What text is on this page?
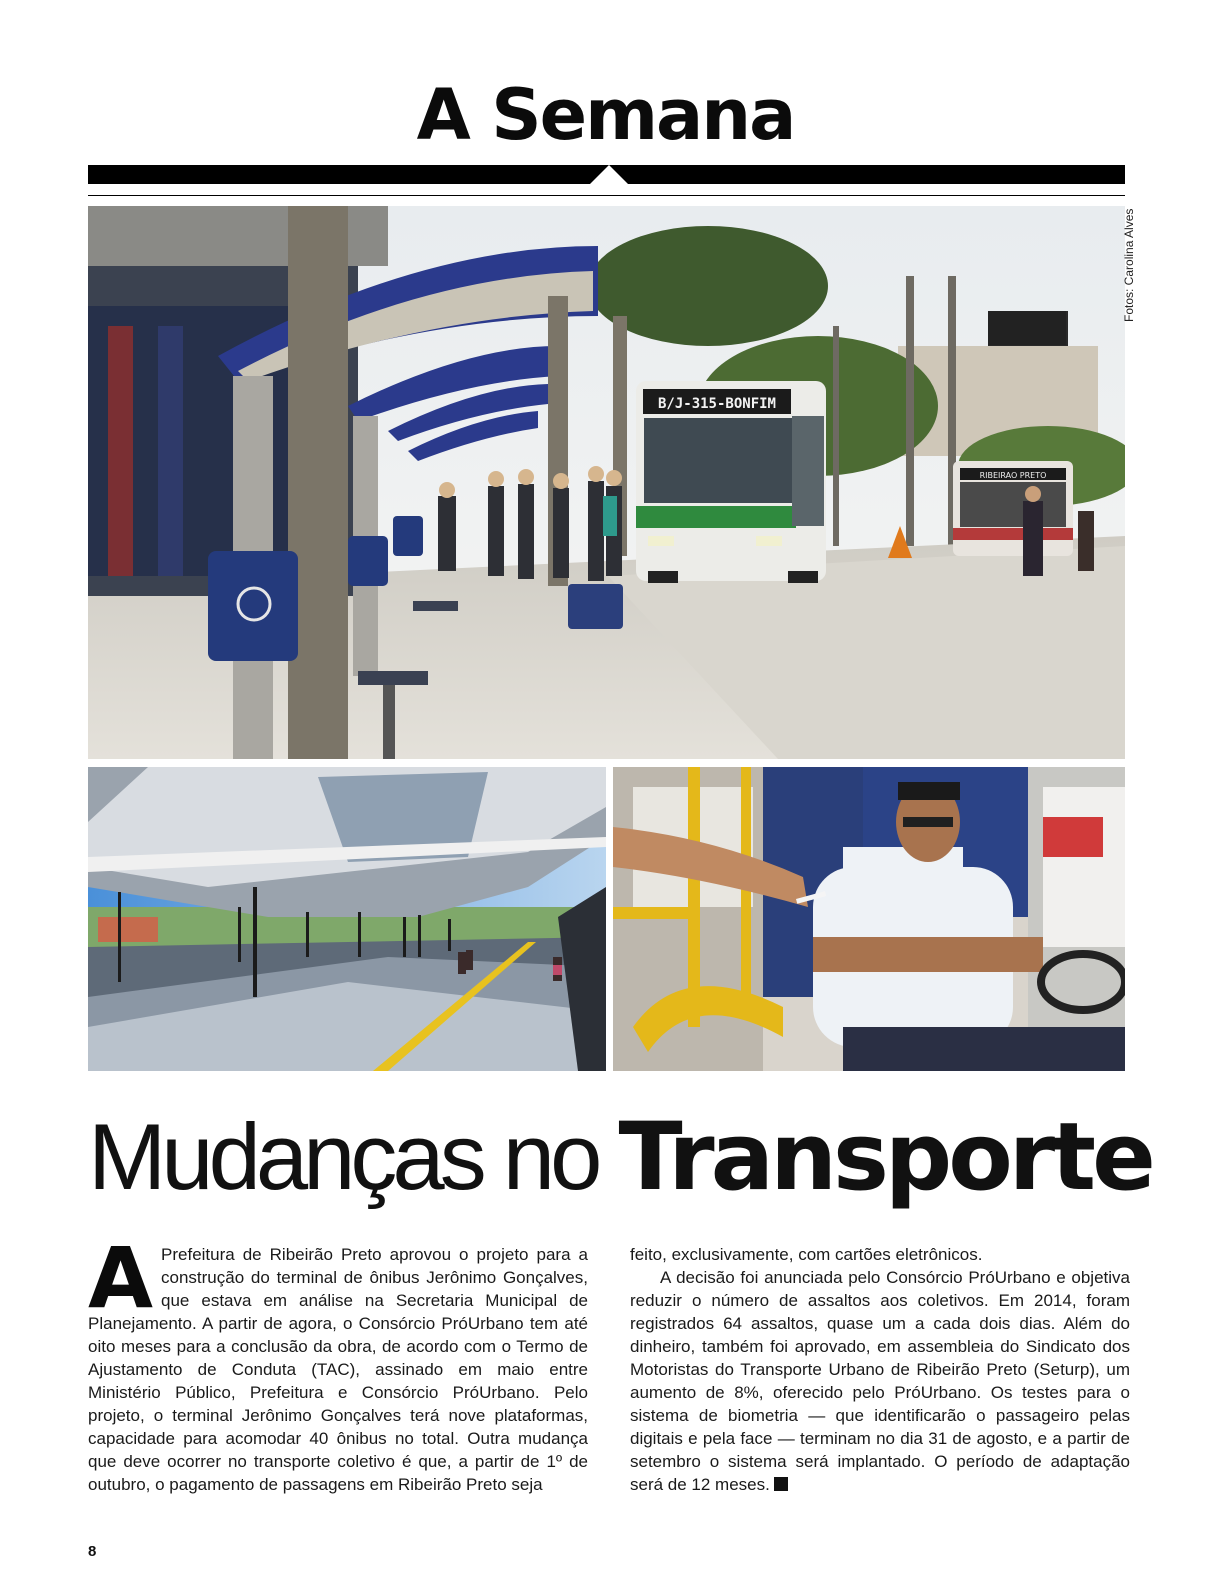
A Semana
B/J-315-BONFIM
RIBEIRAO PRETO
Fotos: Carolina Alves
Mudanças no Transporte

A Prefeitura de Ribeirão Preto aprovou o projeto para a construção do terminal de ônibus Jerônimo Gonçalves, que estava em análise na Secretaria Municipal de Planejamento. A partir de agora, o Consórcio PróUrbano tem até oito meses para a conclusão da obra, de acordo com o Termo de Ajustamento de Conduta (TAC), assinado em maio entre Ministério Público, Prefeitura e Consórcio PróUrbano. Pelo projeto, o terminal Jerônimo Gonçalves terá nove plataformas, capacidade para acomodar 40 ônibus no total. Outra mudança que deve ocorrer no transporte coletivo é que, a partir de 1º de outubro, o pagamento de passagens em Ribeirão Preto seja

feito, exclusivamente, com cartões eletrônicos.

A decisão foi anunciada pelo Consórcio PróUrbano e objetiva reduzir o número de assaltos aos coletivos. Em 2014, foram registrados 64 assaltos, quase um a cada dois dias. Além do dinheiro, também foi aprovado, em assembleia do Sindicato dos Motoristas do Transporte Urbano de Ribeirão Preto (Seturp), um aumento de 8%, oferecido pelo PróUrbano. Os testes para o sistema de biometria — que identificarão o passageiro pelas digitais e pela face — terminam no dia 31 de agosto, e a partir de setembro o sistema será implantado. O período de adaptação será de 12 meses.

8
